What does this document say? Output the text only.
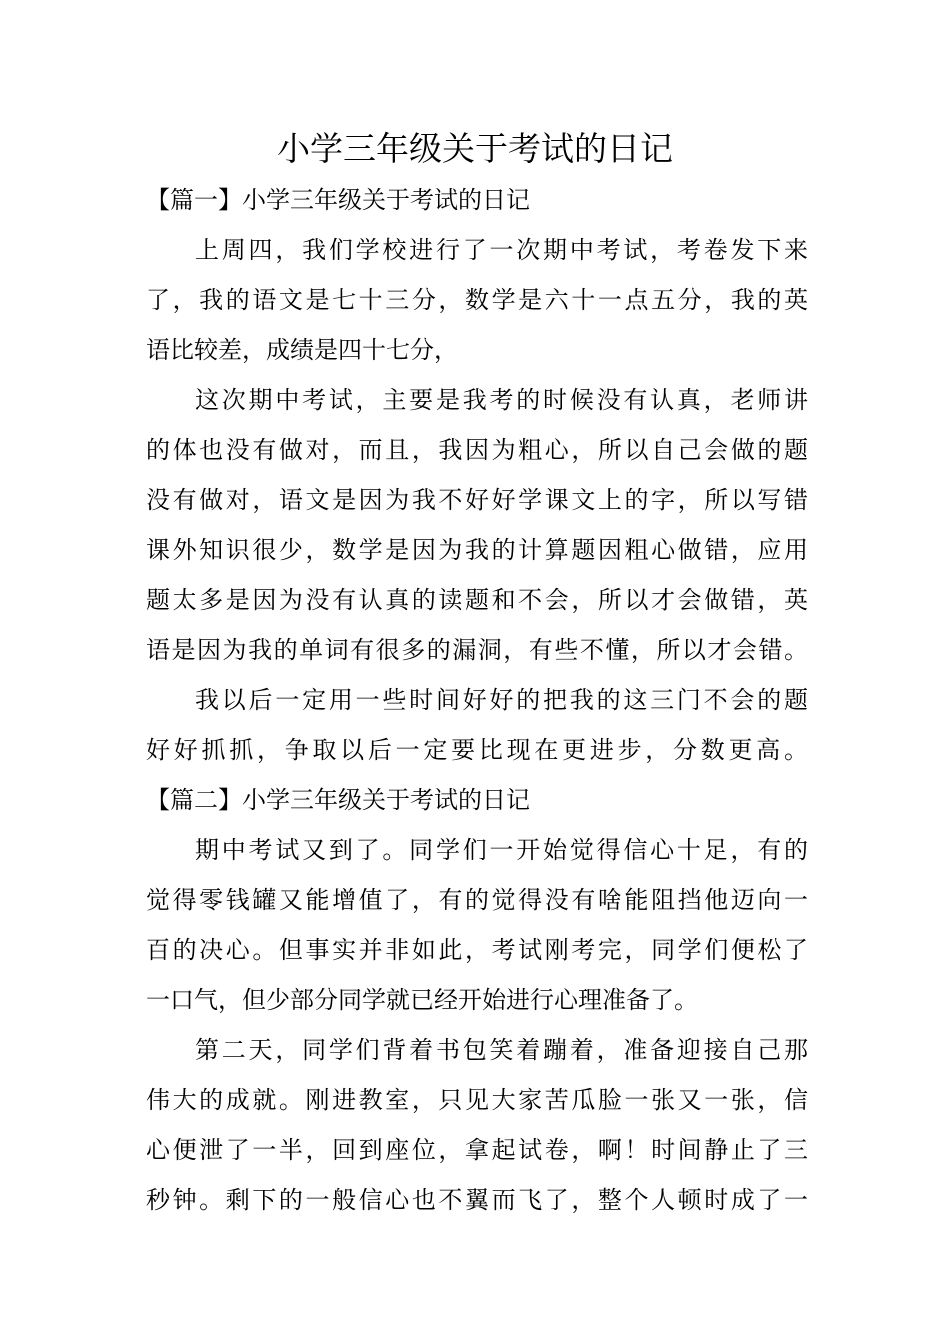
小学三年级关于考试的日记
【篇一】小学三年级关于考试的日记

上周四，我们学校进行了一次期中考试，考卷发下来
了，我的语文是七十三分，数学是六十一点五分，我的英
语比较差，成绩是四十七分，

这次期中考试，主要是我考的时候没有认真，老师讲
的体也没有做对，而且，我因为粗心，所以自己会做的题
没有做对，语文是因为我不好好学课文上的字，所以写错
课外知识很少，数学是因为我的计算题因粗心做错，应用
题太多是因为没有认真的读题和不会，所以才会做错，英
语是因为我的单词有很多的漏洞，有些不懂，所以才会错。

我以后一定用一些时间好好的把我的这三门不会的题
好好抓抓，争取以后一定要比现在更进步，分数更高。

【篇二】小学三年级关于考试的日记

期中考试又到了。同学们一开始觉得信心十足，有的
觉得零钱罐又能增值了，有的觉得没有啥能阻挡他迈向一
百的决心。但事实并非如此，考试刚考完，同学们便松了
一口气，但少部分同学就已经开始进行心理准备了。

第二天，同学们背着书包笑着蹦着，准备迎接自己那
伟大的成就。刚进教室，只见大家苦瓜脸一张又一张，信
心便泄了一半，回到座位，拿起试卷，啊！时间静止了三
秒钟。剩下的一般信心也不翼而飞了，整个人顿时成了一
